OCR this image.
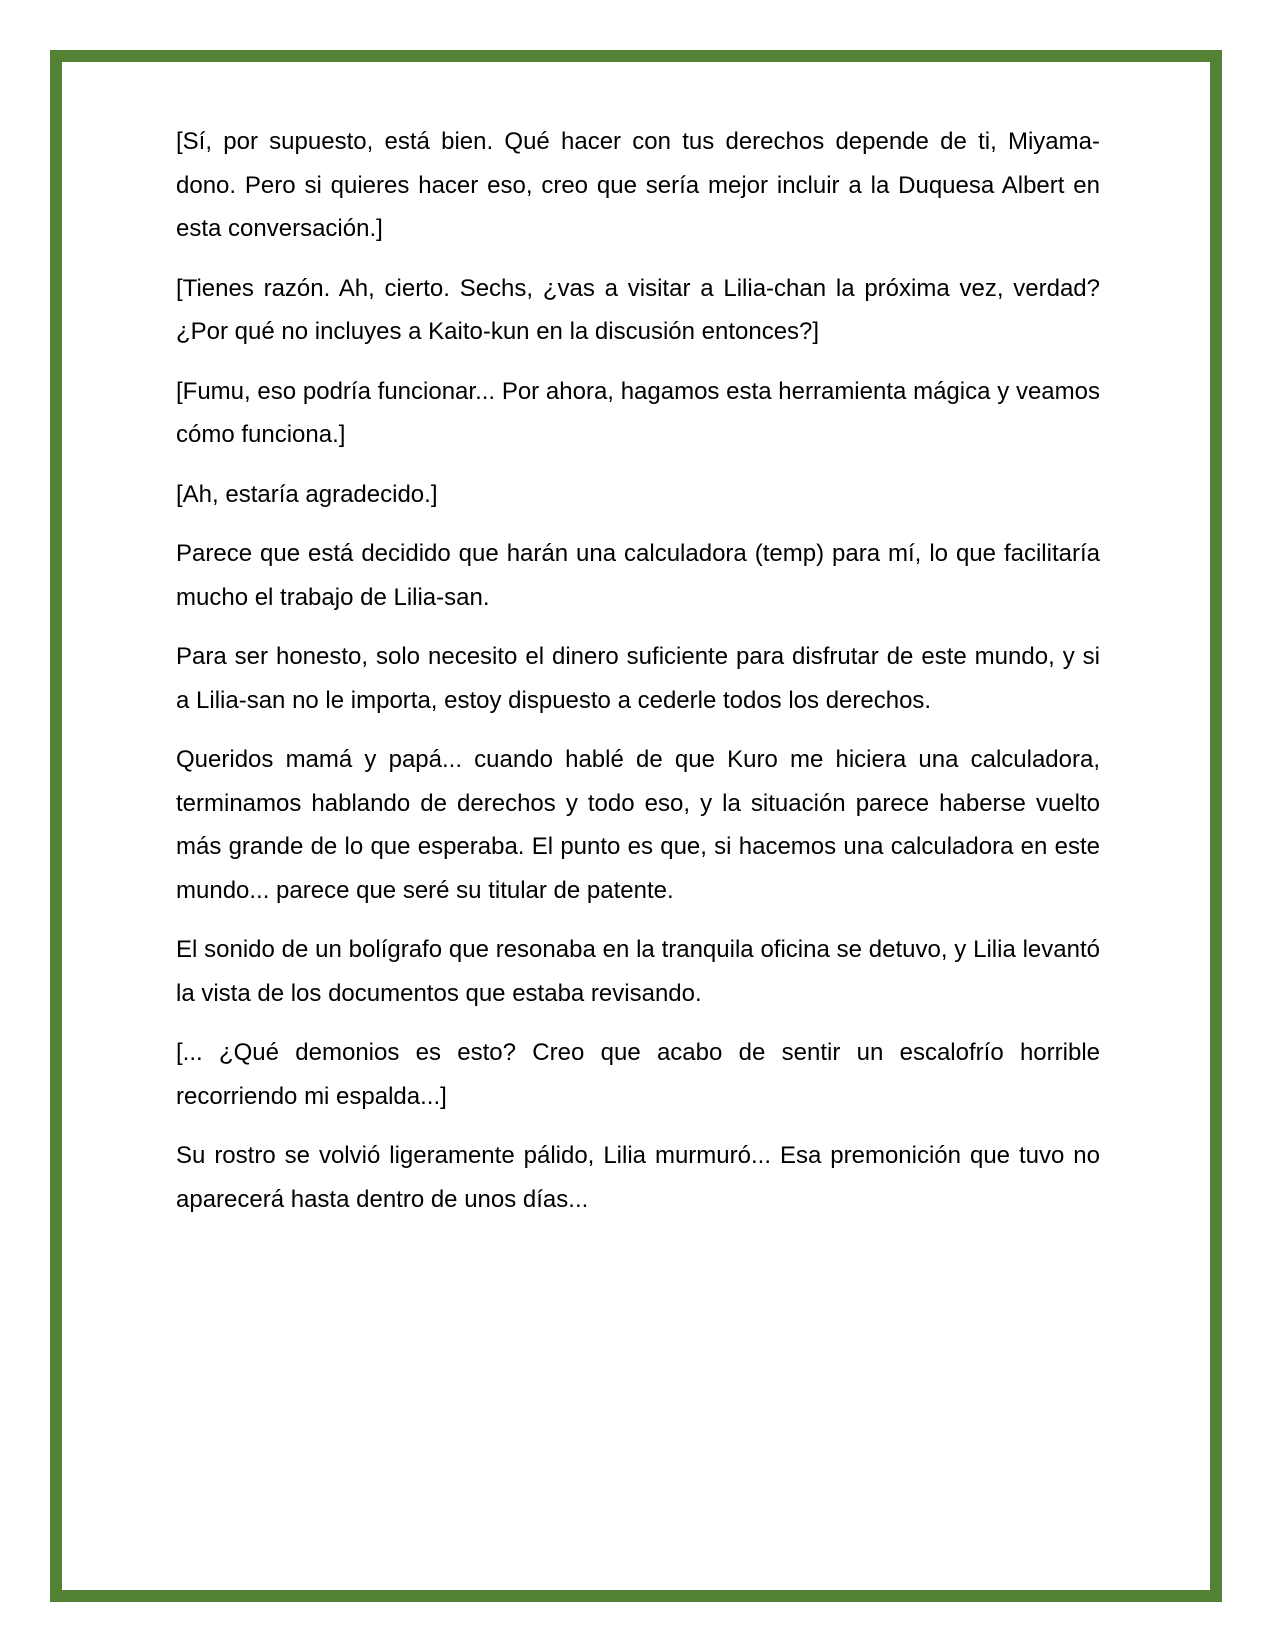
[Sí, por supuesto, está bien. Qué hacer con tus derechos depende de ti, Miyama-dono. Pero si quieres hacer eso, creo que sería mejor incluir a la Duquesa Albert en esta conversación.]

[Tienes razón. Ah, cierto. Sechs, ¿vas a visitar a Lilia-chan la próxima vez, verdad? ¿Por qué no incluyes a Kaito-kun en la discusión entonces?]

[Fumu, eso podría funcionar... Por ahora, hagamos esta herramienta mágica y veamos cómo funciona.]

[Ah, estaría agradecido.]

Parece que está decidido que harán una calculadora (temp) para mí, lo que facilitaría mucho el trabajo de Lilia-san.

Para ser honesto, solo necesito el dinero suficiente para disfrutar de este mundo, y si a Lilia-san no le importa, estoy dispuesto a cederle todos los derechos.

Queridos mamá y papá... cuando hablé de que Kuro me hiciera una calculadora, terminamos hablando de derechos y todo eso, y la situación parece haberse vuelto más grande de lo que esperaba. El punto es que, si hacemos una calculadora en este mundo... parece que seré su titular de patente.

El sonido de un bolígrafo que resonaba en la tranquila oficina se detuvo, y Lilia levantó la vista de los documentos que estaba revisando.

[... ¿Qué demonios es esto? Creo que acabo de sentir un escalofrío horrible recorriendo mi espalda...]

Su rostro se volvió ligeramente pálido, Lilia murmuró... Esa premonición que tuvo no aparecerá hasta dentro de unos días...
